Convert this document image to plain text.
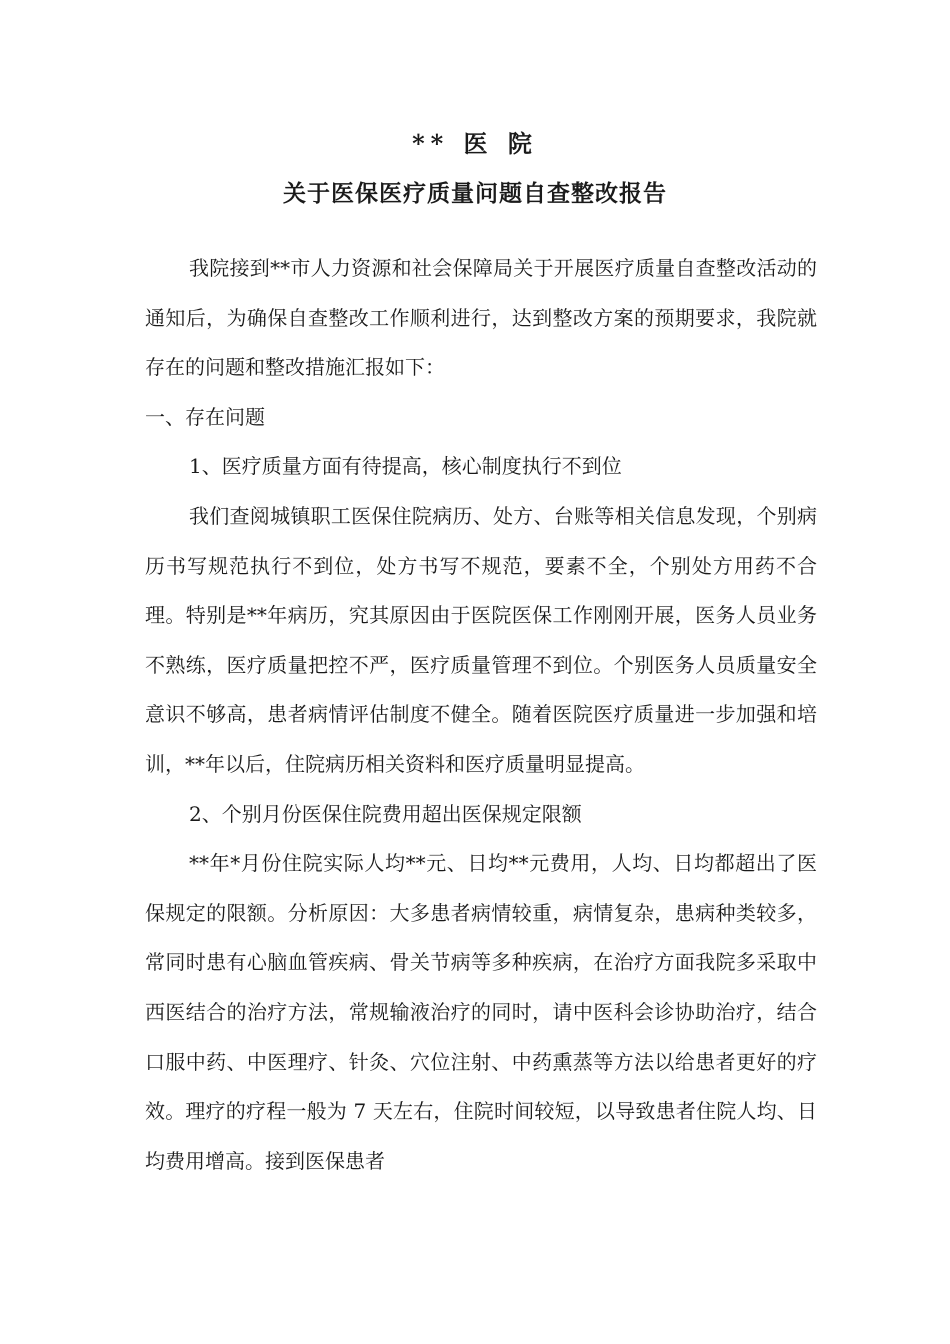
** 医 院
关于医保医疗质量问题自查整改报告

我院接到**市人力资源和社会保障局关于开展医疗质量自查整改活动的通知后，为确保自查整改工作顺利进行，达到整改方案的预期要求，我院就存在的问题和整改措施汇报如下：

一、存在问题

1、医疗质量方面有待提高，核心制度执行不到位

我们查阅城镇职工医保住院病历、处方、台账等相关信息发现，个别病历书写规范执行不到位，处方书写不规范，要素不全，个别处方用药不合理。特别是**年病历，究其原因由于医院医保工作刚刚开展，医务人员业务不熟练，医疗质量把控不严，医疗质量管理不到位。个别医务人员质量安全意识不够高，患者病情评估制度不健全。随着医院医疗质量进一步加强和培训，**年以后，住院病历相关资料和医疗质量明显提高。

2、个别月份医保住院费用超出医保规定限额

**年*月份住院实际人均**元、日均**元费用，人均、日均都超出了医保规定的限额。分析原因：大多患者病情较重，病情复杂，患病种类较多，常同时患有心脑血管疾病、骨关节病等多种疾病，在治疗方面我院多采取中西医结合的治疗方法，常规输液治疗的同时，请中医科会诊协助治疗，结合口服中药、中医理疗、针灸、穴位注射、中药熏蒸等方法以给患者更好的疗效。理疗的疗程一般为 7 天左右，住院时间较短，以导致患者住院人均、日均费用增高。接到医保患者
